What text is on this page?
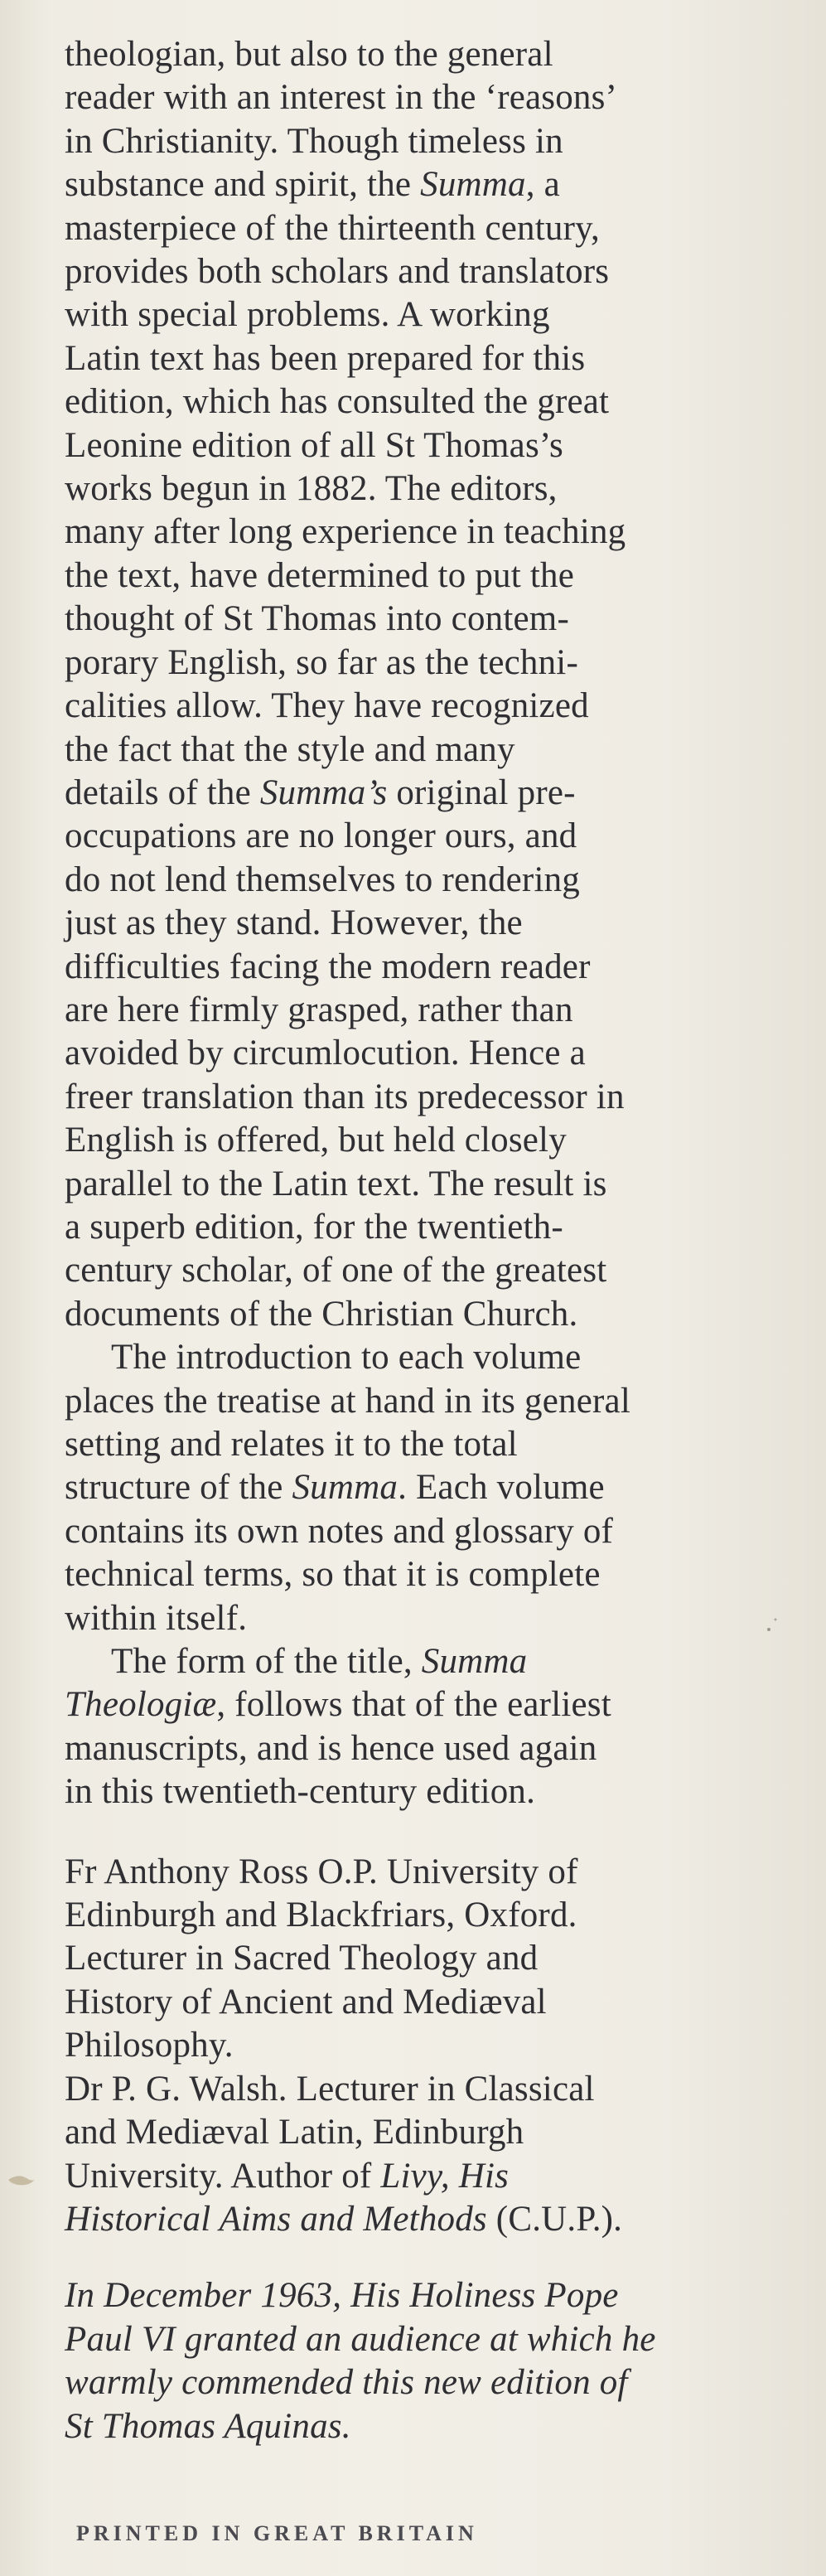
theologian, but also to the general
reader with an interest in the ‘reasons’
in Christianity. Though timeless in
substance and spirit, the Summa, a
masterpiece of the thirteenth century,
provides both scholars and translators
with special problems. A working
Latin text has been prepared for this
edition, which has consulted the great
Leonine edition of all St Thomas’s
works begun in 1882. The editors,
many after long experience in teaching
the text, have determined to put the
thought of St Thomas into contem-
porary English, so far as the techni-
calities allow. They have recognized
the fact that the style and many
details of the Summa’s original pre-
occupations are no longer ours, and
do not lend themselves to rendering
just as they stand. However, the
difficulties facing the modern reader
are here firmly grasped, rather than
avoided by circumlocution. Hence a
freer translation than its predecessor in
English is offered, but held closely
parallel to the Latin text. The result is
a superb edition, for the twentieth-
century scholar, of one of the greatest
documents of the Christian Church.
The introduction to each volume
places the treatise at hand in its general
setting and relates it to the total
structure of the Summa. Each volume
contains its own notes and glossary of
technical terms, so that it is complete
within itself.
The form of the title, Summa
Theologiæ, follows that of the earliest
manuscripts, and is hence used again
in this twentieth-century edition.
Fr Anthony Ross O.P. University of
Edinburgh and Blackfriars, Oxford.
Lecturer in Sacred Theology and
History of Ancient and Mediæval
Philosophy.
Dr P. G. Walsh. Lecturer in Classical
and Mediæval Latin, Edinburgh
University. Author of Livy, His
Historical Aims and Methods (C.U.P.).
In December 1963, His Holiness Pope
Paul VI granted an audience at which he
warmly commended this new edition of
St Thomas Aquinas.
PRINTED IN GREAT BRITAIN
